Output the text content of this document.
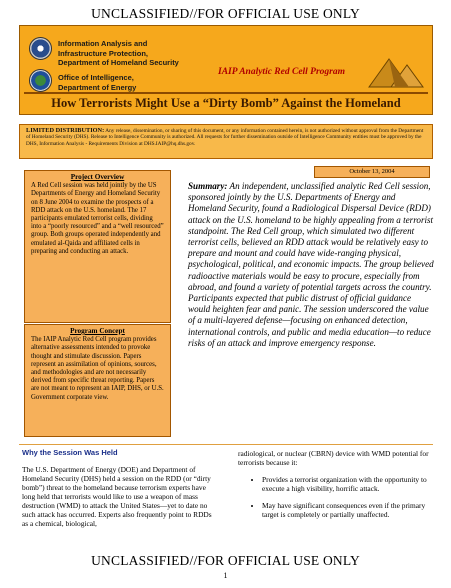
UNCLASSIFIED//FOR OFFICIAL USE ONLY
Information Analysis and
Infrastructure Protection,
Department of Homeland Security
Office of Intelligence,
Department of Energy
IAIP Analytic Red Cell Program
How Terrorists Might Use a “Dirty Bomb” Against the Homeland
LIMITED DISTRIBUTION: Any release, dissemination, or sharing of this document, or any information contained herein, is not authorized without approval from the Department of Homeland Security (DHS). Release to Intelligence Community is authorized. All requests for further dissemination outside of Intelligence Community entities must be approved by the DHS, Information Analysis - Requirements Division at DHS.IAIP@hq.dhs.gov.
Project Overview
A Red Cell session was held jointly by the US Departments of Energy and Homeland Security on 8 June 2004 to examine the prospects of a RDD attack on the U.S. homeland. The 17 participants emulated terrorist cells, dividing into a “poorly resourced” and a “well resourced” group. Both groups operated independently and emulated al-Qaida and affiliated cells in preparing and conducting an attack.
Program Concept
The IAIP Analytic Red Cell program provides alternative assessments intended to provoke thought and stimulate discussion. Papers represent an assimilation of opinions, sources, and methodologies and are not necessarily derived from specific threat reporting. Papers are not meant to represent an IAIP, DHS, or U.S. Government corporate view.
October 13, 2004
Summary: An independent, unclassified analytic Red Cell session, sponsored jointly by the U.S. Departments of Energy and Homeland Security, found a Radiological Dispersal Device (RDD) attack on the U.S. homeland to be highly appealing from a terrorist standpoint. The Red Cell group, which simulated two different terrorist cells, believed an RDD attack would be relatively easy to prepare and mount and could have wide-ranging physical, psychological, political, and economic impacts. The group believed radioactive materials would be easy to procure, especially from abroad, and found a variety of potential targets across the country. Participants expected that public distrust of official guidance would heighten fear and panic. The session underscored the value of a multi-layered defense—focusing on enhanced detection, international controls, and public and media education—to reduce risks of an attack and improve emergency response.
Why the Session Was Held
The U.S. Department of Energy (DOE) and Department of Homeland Security (DHS) held a session on the RDD (or “dirty bomb”) threat to the homeland because terrorism experts have long held that terrorists would like to use a weapon of mass destruction (WMD) to attack the United States—yet to date no such attack has occurred. Experts also frequently point to RDDs as a chemical, biological,
radiological, or nuclear (CBRN) device with WMD potential for terrorists because it:
• Provides a terrorist organization with the opportunity to execute a high visibility, horrific attack.
• May have significant consequences even if the primary target is completely or partially unaffected.
UNCLASSIFIED//FOR OFFICIAL USE ONLY
1
